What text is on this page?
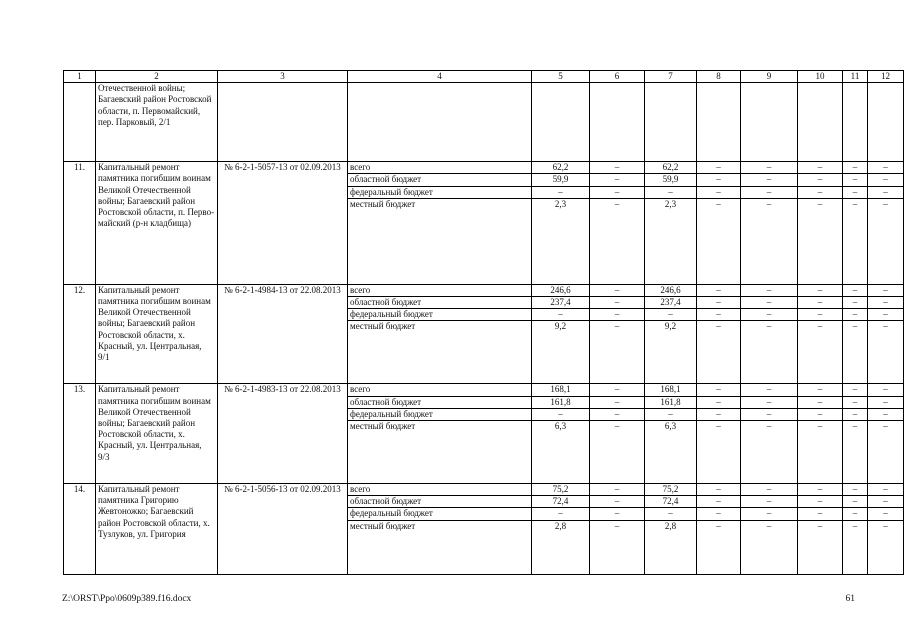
1	2	3	4	5	6	7	8	9	10	11	12
	Отечественной войны; Багаевский район Ростовской области, п. Первомайский, пер. Парковый, 2/1										
11.	Капитальный ремонт памятника погибшим воинам Великой Отечественной войны; Багаевский район Ростовской области, п. Перво-майский (р-н кладбища)	№ 6-2-1-5057-13 от 02.09.2013	всего	62,2	–	62,2	–	–	–	–	–
			областной бюджет	59,9	–	59,9	–	–	–	–	–
			федеральный бюджет	–	–	–	–	–	–	–	–
			местный бюджет	2,3	–	2,3	–	–	–	–	–
12.	Капитальный ремонт памятника погибшим воинам Великой Отечественной войны; Багаевский район Ростовской области, х. Красный, ул. Центральная, 9/1	№ 6-2-1-4984-13 от 22.08.2013	всего	246,6	–	246,6	–	–	–	–	–
			областной бюджет	237,4	–	237,4	–	–	–	–	–
			федеральный бюджет	–	–	–	–	–	–	–	–
			местный бюджет	9,2	–	9,2	–	–	–	–	–
13.	Капитальный ремонт памятника погибшим воинам Великой Отечественной войны; Багаевский район Ростовской области, х. Красный, ул. Центральная, 9/3	№ 6-2-1-4983-13 от 22.08.2013	всего	168,1	–	168,1	–	–	–	–	–
			областной бюджет	161,8	–	161,8	–	–	–	–	–
			федеральный бюджет	–	–	–	–	–	–	–	–
			местный бюджет	6,3	–	6,3	–	–	–	–	–
14.	Капитальный ремонт памятника Григорию Жевтоножко; Багаевский район Ростовской области, х. Тузлуков, ул. Григория	№ 6-2-1-5056-13 от 02.09.2013	всего	75,2	–	75,2	–	–	–	–	–
			областной бюджет	72,4	–	72,4	–	–	–	–	–
			федеральный бюджет	–	–	–	–	–	–	–	–
			местный бюджет	2,8	–	2,8	–	–	–	–	–
Z:\ORST\Ppo\0609p389.f16.docx	61
